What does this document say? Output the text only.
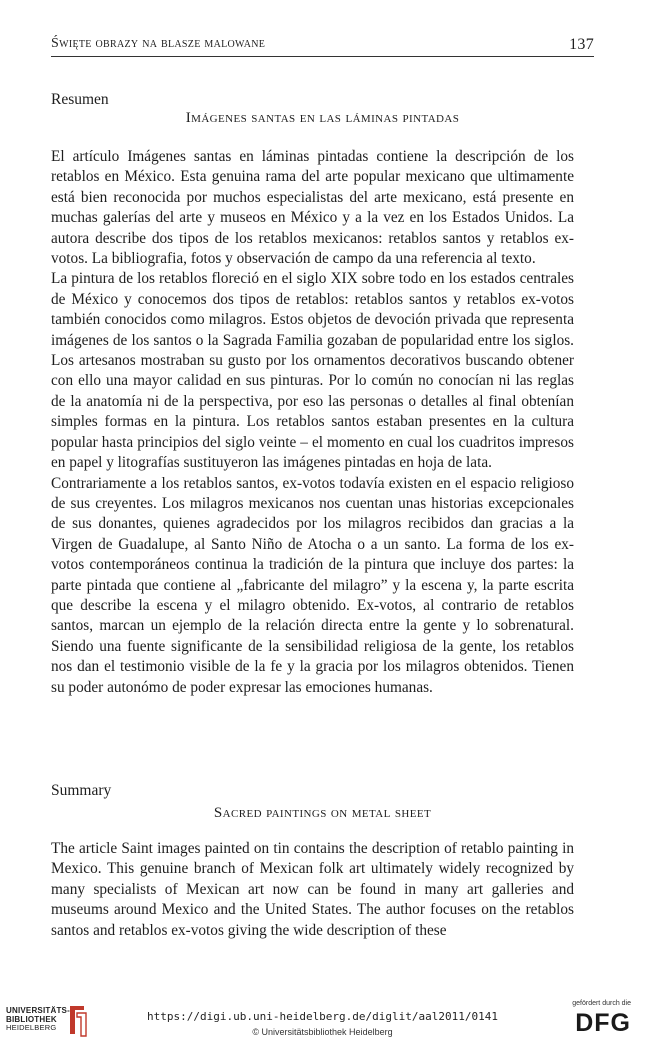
Święte obrazy na blasze malowane	137
Resumen
Imágenes santas en las láminas pintadas

El artículo Imágenes santas en láminas pintadas contiene la descripción de los retablos en México. Esta genuina rama del arte popular mexicano que ultimamente está bien reconocida por muchos especialistas del arte mexicano, está presente en muchas galerías del arte y museos en México y a la vez en los Estados Unidos. La autora describe dos tipos de los retablos mexicanos: retablos santos y retablos ex-votos. La bibliografia, fotos y observación de campo da una referencia al texto.

La pintura de los retablos floreció en el siglo XIX sobre todo en los estados centrales de México y conocemos dos tipos de retablos: retablos santos y retablos ex-votos también conocidos como milagros. Estos objetos de devoción privada que representa imágenes de los santos o la Sagrada Familia gozaban de popularidad entre los siglos. Los artesanos mostraban su gusto por los ornamentos decorativos buscando obtener con ello una mayor calidad en sus pinturas. Por lo común no conocían ni las reglas de la anatomía ni de la perspectiva, por eso las personas o detalles al final obtenían simples formas en la pintura. Los retablos santos estaban presentes en la cultura popular hasta principios del siglo veinte – el momento en cual los cuadritos impresos en papel y litografías sustituyeron las imágenes pintadas en hoja de lata.

Contrariamente a los retablos santos, ex-votos todavía existen en el espacio religioso de sus creyentes. Los milagros mexicanos nos cuentan unas historias excepcionales de sus donantes, quienes agradecidos por los milagros recibidos dan gracias a la Virgen de Guadalupe, al Santo Niño de Atocha o a un santo. La forma de los ex-votos contemporáneos continua la tradición de la pintura que incluye dos partes: la parte pintada que contiene al „fabricante del milagro” y la escena y, la parte escrita que describe la escena y el milagro obtenido. Ex-votos, al contrario de retablos santos, marcan un ejemplo de la relación directa entre la gente y lo sobrenatural. Siendo una fuente significante de la sensibilidad religiosa de la gente, los retablos nos dan el testimonio visible de la fe y la gracia por los milagros obtenidos. Tienen su poder autonómo de poder expresar las emociones humanas.

Summary
Sacred paintings on metal sheet

The article Saint images painted on tin contains the description of retablo painting in Mexico. This genuine branch of Mexican folk art ultimately widely recognized by many specialists of Mexican art now can be found in many art galleries and museums around Mexico and the United States. The author focuses on the retablos santos and retablos ex-votos giving the wide description of these

UNIVERSITÄTS-
BIBLIOTHEK
HEIDELBERG
https://digi.ub.uni-heidelberg.de/diglit/aal2011/0141
© Universitätsbibliothek Heidelberg
gefördert durch die
DFG
